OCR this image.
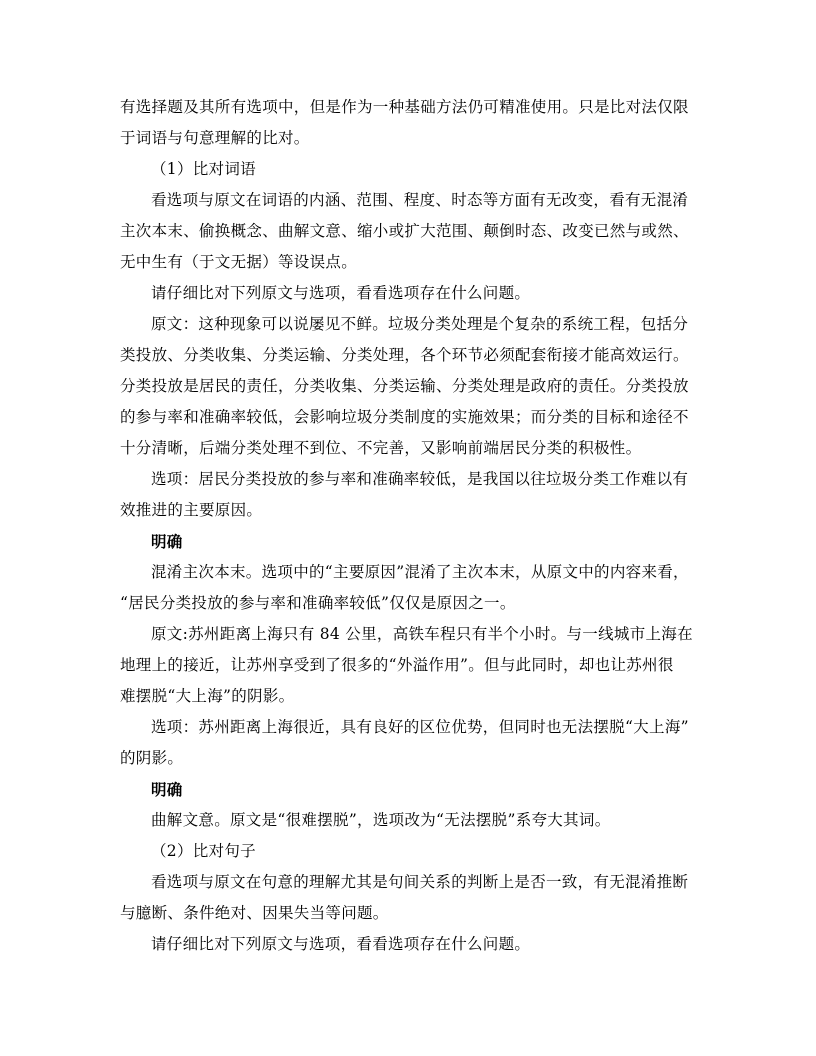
有选择题及其所有选项中，但是作为一种基础方法仍可精准使用。只是比对法仅限
于词语与句意理解的比对。
（1）比对词语
看选项与原文在词语的内涵、范围、程度、时态等方面有无改变，看有无混淆
主次本末、偷换概念、曲解文意、缩小或扩大范围、颠倒时态、改变已然与或然、
无中生有（于文无据）等设误点。
请仔细比对下列原文与选项，看看选项存在什么问题。
原文：这种现象可以说屡见不鲜。垃圾分类处理是个复杂的系统工程，包括分
类投放、分类收集、分类运输、分类处理，各个环节必须配套衔接才能高效运行。
分类投放是居民的责任，分类收集、分类运输、分类处理是政府的责任。分类投放
的参与率和准确率较低，会影响垃圾分类制度的实施效果；而分类的目标和途径不
十分清晰，后端分类处理不到位、不完善，又影响前端居民分类的积极性。
选项：居民分类投放的参与率和准确率较低，是我国以往垃圾分类工作难以有
效推进的主要原因。
明确
混淆主次本末。选项中的“主要原因”混淆了主次本末，从原文中的内容来看，
“居民分类投放的参与率和准确率较低”仅仅是原因之一。
原文:苏州距离上海只有 84 公里，高铁车程只有半个小时。与一线城市上海在
地理上的接近，让苏州享受到了很多的“外溢作用”。但与此同时，却也让苏州很
难摆脱“大上海”的阴影。
选项：苏州距离上海很近，具有良好的区位优势，但同时也无法摆脱“大上海”
的阴影。
明确
曲解文意。原文是“很难摆脱”，选项改为“无法摆脱”系夸大其词。
（2）比对句子
看选项与原文在句意的理解尤其是句间关系的判断上是否一致，有无混淆推断
与臆断、条件绝对、因果失当等问题。
请仔细比对下列原文与选项，看看选项存在什么问题。
